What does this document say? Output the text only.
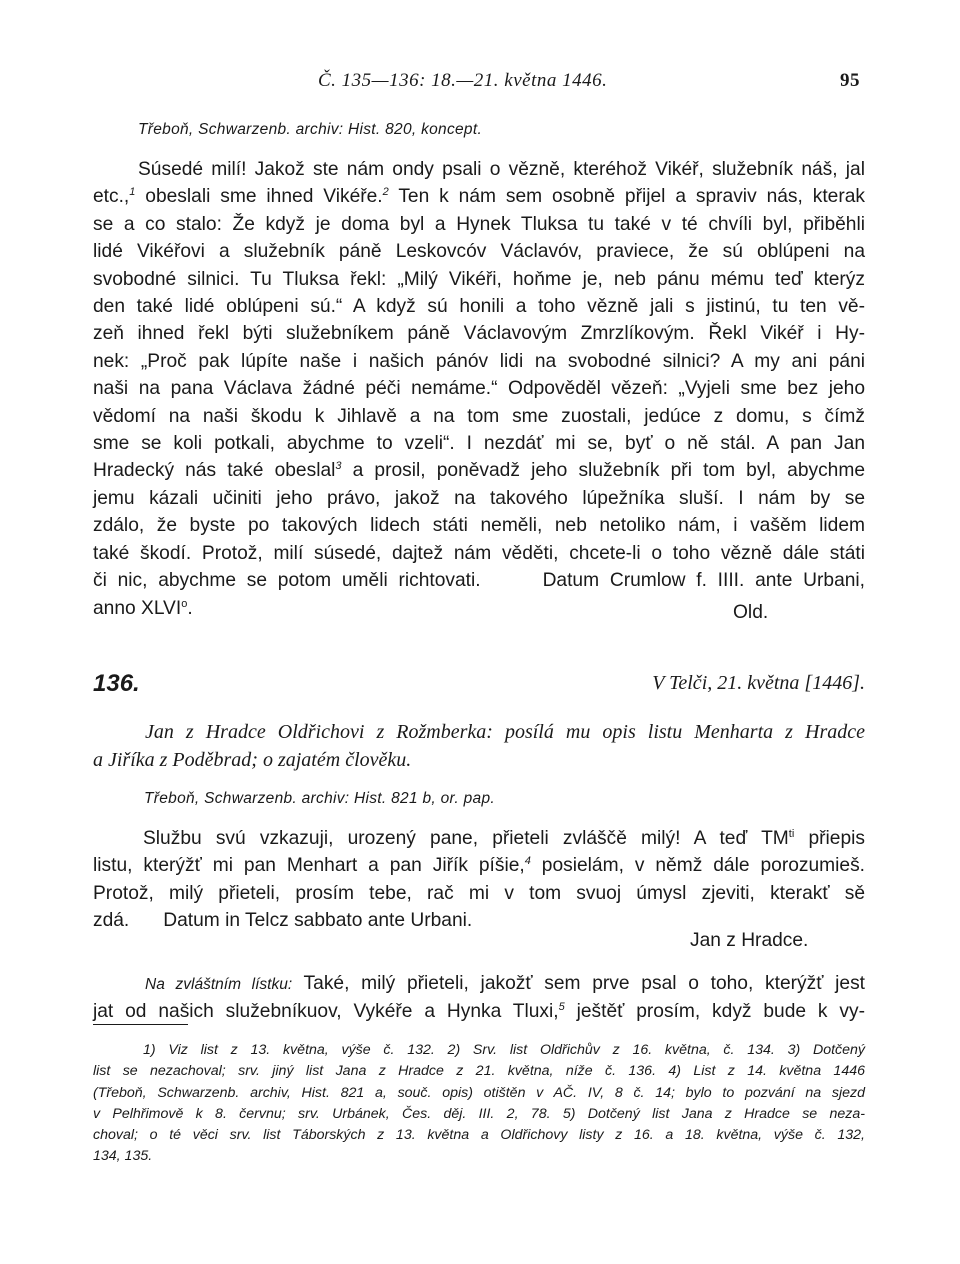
Č. 135—136: 18.—21. května 1446.	95
Třeboň, Schwarzenb. archiv: Hist. 820, koncept.
Súsedé milí! Jakož ste nám ondy psali o vězně, kteréhož Vikéř, služebník náš, jal
etc.,$^1$ obeslali sme ihned Vikéře.$^2$ Ten k nám sem osobně přijel a spraviv nás, kterak
se a co stalo: Že když je doma byl a Hynek Tluksa tu také v té chvíli byl, přiběhli
lidé Vikéřovi a služebník páně Leskovcóv Václavóv, praviece, že sú oblúpeni na
svobodné silnici. Tu Tluksa řekl: „Milý Vikéři, hoňme je, neb pánu mému teď kterýz
den také lidé oblúpeni sú.“ A když sú honili a toho vězně jali s jistinú, tu ten vě-
zeň ihned řekl býti služebníkem páně Václavovým Zmrzlíkovým. Řekl Vikéř i Hy-
nek: „Proč pak lúpíte naše i našich pánóv lidi na svobodné silnici? A my ani páni
naši na pana Václava žádné péči nemáme.“ Odpověděl vězeň: „Vyjeli sme bez jeho
vědomí na naši škodu k Jihlavě a na tom sme zuostali, jedúce z domu, s čímž
sme se koli potkali, abychme to vzeli“. I nezdáť mi se, byť o ně stál. A pan Jan
Hradecký nás také obeslal$^3$ a prosil, poněvadž jeho služebník při tom byl, abychme
jemu kázali učiniti jeho právo, jakož na takového lúpežníka sluší. I nám by se
zdálo, že byste po takových lidech státi neměli, neb netoliko nám, i vašěm lidem
také škodí. Protož, milí súsedé, dajtež nám věděti, chcete-li o toho vězně dále státi
či nic, abychme se potom uměli richtovati.	Datum Crumlow f. IIII. ante Urbani,
anno XLVI$^o$.	Old.
136.	V Telči, 21. května [1446].
Jan z Hradce Oldřichovi z Rožmberka: posílá mu opis listu Menharta z Hradce
a Jiříka z Poděbrad; o zajatém člověku.
Třeboň, Schwarzenb. archiv: Hist. 821 b, or. pap.
Službu svú vzkazuji, urozený pane, přieteli zvláščě milý! A teď $TM^{ti}$ přiepis
listu, kterýžť mi pan Menhart a pan Jiřík píšie,$^4$ posielám, v němž dále porozumieš.
Protož, milý přieteli, prosím tebe, rač mi v tom svuoj úmysl zjeviti, kterakť sě
zdá. Datum in Telcz sabbato ante Urbani.
Jan z Hradce.
Na zvláštním lístku: Také, milý přieteli, jakožť sem prve psal o toho, kterýžť jest
jat od našich služebníkuov, Vykéře a Hynka Tluxi,$^5$ ještěť prosím, když bude k vy-
1) Viz list z 13. května, výše č. 132. 2) Srv. list Oldřichův z 16. května, č. 134. 3) Dotčený
list se nezachoval; srv. jiný list Jana z Hradce z 21. května, níže č. 136. 4) List z 14. května 1446
(Třeboň, Schwarzenb. archiv, Hist. 821 a, souč. opis) otištěn v AČ. IV, 8 č. 14; bylo to pozvání na sjezd
v Pelhřimově k 8. červnu; srv. Urbánek, Čes. děj. III. 2, 78. 5) Dotčený list Jana z Hradce se neza-
choval; o té věci srv. list Táborských z 13. května a Oldřichovy listy z 16. a 18. května, výše č. 132,
134, 135.
